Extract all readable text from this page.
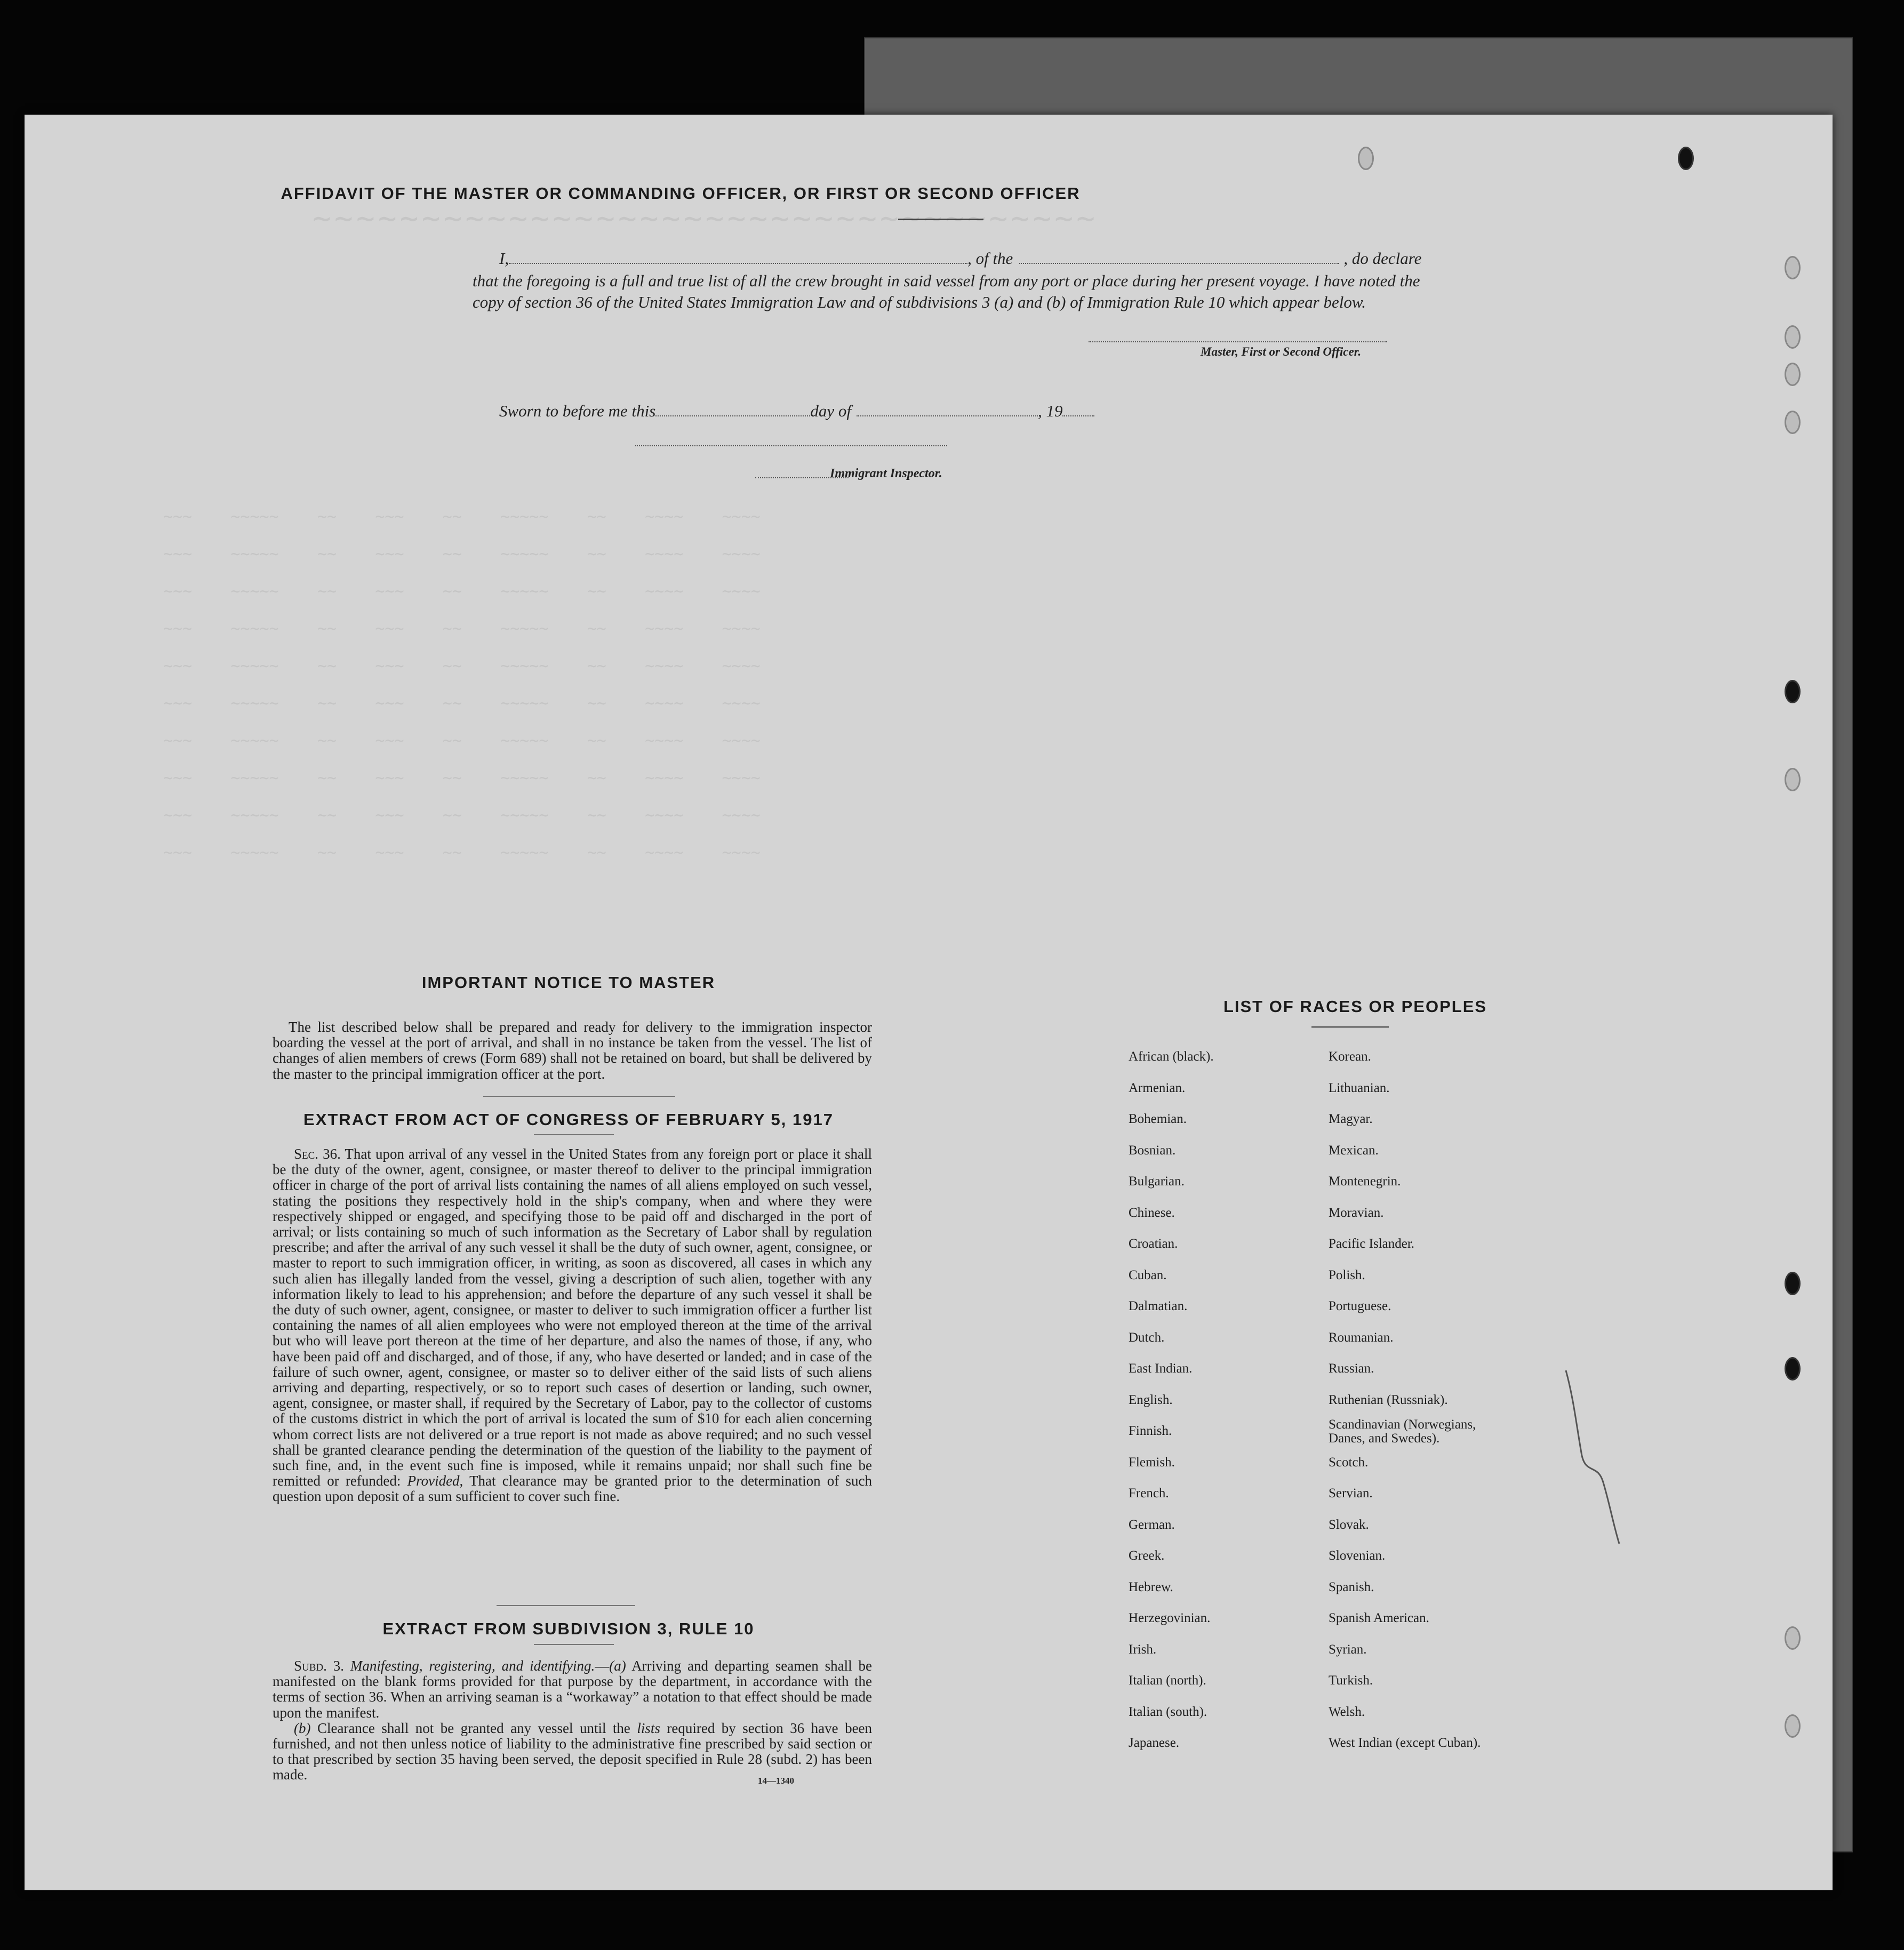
~~~~~~~~~~~~~~~~~~~~~~~~~~~~~~~~~~~~
~~~    ~~~~~    ~~    ~~~    ~~    ~~~~~    ~~    ~~~~    ~~~~
~~~    ~~~~~    ~~    ~~~    ~~    ~~~~~    ~~    ~~~~    ~~~~
~~~    ~~~~~    ~~    ~~~    ~~    ~~~~~    ~~    ~~~~    ~~~~
~~~    ~~~~~    ~~    ~~~    ~~    ~~~~~    ~~    ~~~~    ~~~~
~~~    ~~~~~    ~~    ~~~    ~~    ~~~~~    ~~    ~~~~    ~~~~
~~~    ~~~~~    ~~    ~~~    ~~    ~~~~~    ~~    ~~~~    ~~~~
~~~    ~~~~~    ~~    ~~~    ~~    ~~~~~    ~~    ~~~~    ~~~~
~~~    ~~~~~    ~~    ~~~    ~~    ~~~~~    ~~    ~~~~    ~~~~
~~~    ~~~~~    ~~    ~~~    ~~    ~~~~~    ~~    ~~~~    ~~~~
~~~    ~~~~~    ~~    ~~~    ~~    ~~~~~    ~~    ~~~~    ~~~~
AFFIDAVIT OF THE MASTER OR COMMANDING OFFICER, OR FIRST OR SECOND OFFICER
I,	, of the	, do declare
that the foregoing is a full and true list of all the crew brought in said vessel from any port or place during her present voyage. I have noted the copy of section 36 of the United States Immigration Law and of subdivisions 3 (a) and (b) of Immigration Rule 10 which appear below.
Master, First or Second Officer.
Sworn to before me this	day of	, 19
Immigrant Inspector.
IMPORTANT NOTICE TO MASTER
The list described below shall be prepared and ready for delivery to the immigration inspector boarding the vessel at the port of arrival, and shall in no instance be taken from the vessel. The list of changes of alien members of crews (Form 689) shall not be retained on board, but shall be delivered by the master to the principal immigration officer at the port.
EXTRACT FROM ACT OF CONGRESS OF FEBRUARY 5, 1917
Sec. 36. That upon arrival of any vessel in the United States from any foreign port or place it shall be the duty of the owner, agent, consignee, or master thereof to deliver to the principal immigration officer in charge of the port of arrival lists containing the names of all aliens employed on such vessel, stating the positions they respectively hold in the ship's company, when and where they were respectively shipped or engaged, and specifying those to be paid off and discharged in the port of arrival; or lists containing so much of such information as the Secretary of Labor shall by regulation prescribe; and after the arrival of any such vessel it shall be the duty of such owner, agent, consignee, or master to report to such immigration officer, in writing, as soon as discovered, all cases in which any such alien has illegally landed from the vessel, giving a description of such alien, together with any information likely to lead to his apprehension; and before the departure of any such vessel it shall be the duty of such owner, agent, consignee, or master to deliver to such immigration officer a further list containing the names of all alien employees who were not employed thereon at the time of the arrival but who will leave port thereon at the time of her departure, and also the names of those, if any, who have been paid off and discharged, and of those, if any, who have deserted or landed; and in case of the failure of such owner, agent, consignee, or master so to deliver either of the said lists of such aliens arriving and departing, respectively, or so to report such cases of desertion or landing, such owner, agent, consignee, or master shall, if required by the Secretary of Labor, pay to the collector of customs of the customs district in which the port of arrival is located the sum of $10 for each alien concerning whom correct lists are not delivered or a true report is not made as above required; and no such vessel shall be granted clearance pending the determination of the question of the liability to the payment of such fine, and, in the event such fine is imposed, while it remains unpaid; nor shall such fine be remitted or refunded: Provided, That clearance may be granted prior to the determination of such question upon deposit of a sum sufficient to cover such fine.
EXTRACT FROM SUBDIVISION 3, RULE 10
Subd. 3. Manifesting, registering, and identifying.—(a) Arriving and departing seamen shall be manifested on the blank forms provided for that purpose by the department, in accordance with the terms of section 36. When an arriving seaman is a “workaway” a notation to that effect should be made upon the manifest.
(b) Clearance shall not be granted any vessel until the lists required by section 36 have been furnished, and not then unless notice of liability to the administrative fine prescribed by said section or to that prescribed by section 35 having been served, the deposit specified in Rule 28 (subd. 2) has been made.	14—1340
LIST OF RACES OR PEOPLES
African (black).
Armenian.
Bohemian.
Bosnian.
Bulgarian.
Chinese.
Croatian.
Cuban.
Dalmatian.
Dutch.
East Indian.
English.
Finnish.
Flemish.
French.
German.
Greek.
Hebrew.
Herzegovinian.
Irish.
Italian (north).
Italian (south).
Japanese.
Korean.
Lithuanian.
Magyar.
Mexican.
Montenegrin.
Moravian.
Pacific Islander.
Polish.
Portuguese.
Roumanian.
Russian.
Ruthenian (Russniak).
Scandinavian (Norwegians, Danes, and Swedes).
Scotch.
Servian.
Slovak.
Slovenian.
Spanish.
Spanish American.
Syrian.
Turkish.
Welsh.
West Indian (except Cuban).
